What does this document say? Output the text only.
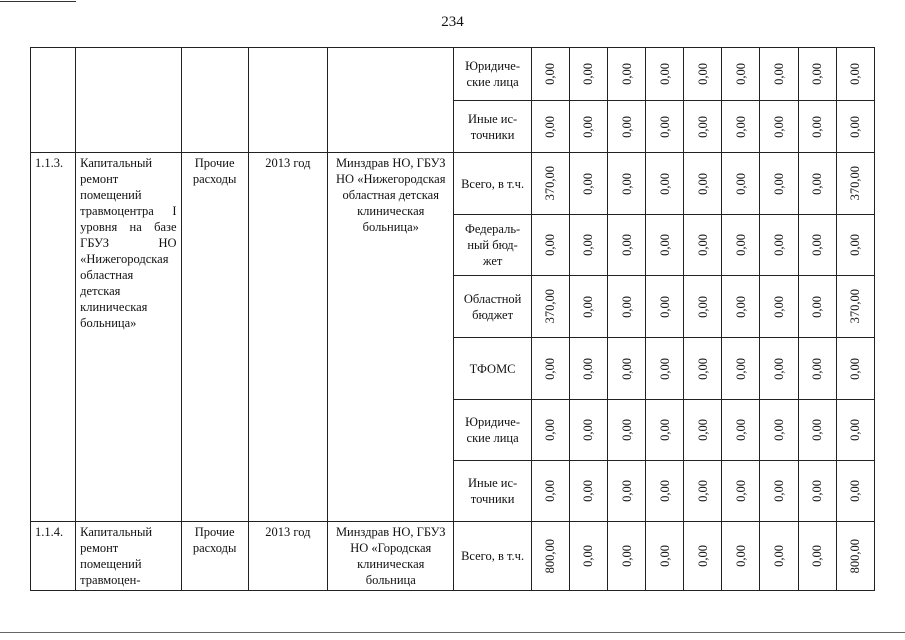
234
					Юридиче-
ские лица	0,00	0,00	0,00	0,00	0,00	0,00	0,00	0,00	0,00

					Иные ис-
точники	0,00	0,00	0,00	0,00	0,00	0,00	0,00	0,00	0,00

1.1.3.	Капитальный ремонт помещений травмоцентра I уровня на базе ГБУЗ НО «Нижегородская областная детская клиническая больница»	Прочие расходы	2013 год	Минздрав НО, ГБУЗ НО «Нижегородская областная детская клиническая больница»	Всего, в т.ч.	370,00	0,00	0,00	0,00	0,00	0,00	0,00	0,00	370,00

					Федераль-
ный бюд-
жет	0,00	0,00	0,00	0,00	0,00	0,00	0,00	0,00	0,00

					Областной бюджет	370,00	0,00	0,00	0,00	0,00	0,00	0,00	0,00	370,00

					ТФОМС	0,00	0,00	0,00	0,00	0,00	0,00	0,00	0,00	0,00

					Юридиче-
ские лица	0,00	0,00	0,00	0,00	0,00	0,00	0,00	0,00	0,00

					Иные ис-
точники	0,00	0,00	0,00	0,00	0,00	0,00	0,00	0,00	0,00

1.1.4.	Капитальный ремонт помещений травмоцен-	Прочие расходы	2013 год	Минздрав НО, ГБУЗ НО «Городская клиническая больница	Всего, в т.ч.	800,00	0,00	0,00	0,00	0,00	0,00	0,00	0,00	800,00
